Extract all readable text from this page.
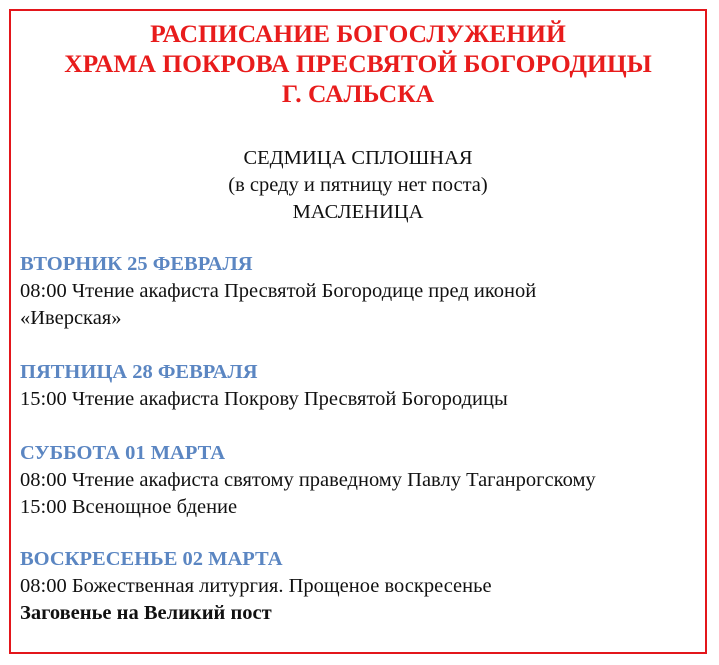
РАСПИСАНИЕ БОГОСЛУЖЕНИЙ
ХРАМА ПОКРОВА ПРЕСВЯТОЙ БОГОРОДИЦЫ
Г. САЛЬСКА
СЕДМИЦА СПЛОШНАЯ
(в среду и пятницу нет поста)
МАСЛЕНИЦА
ВТОРНИК 25 ФЕВРАЛЯ
08:00 Чтение акафиста Пресвятой Богородице пред иконой
«Иверская»
ПЯТНИЦА 28 ФЕВРАЛЯ
15:00 Чтение акафиста Покрову Пресвятой Богородицы
СУББОТА 01 МАРТА
08:00 Чтение акафиста святому праведному Павлу Таганрогскому
15:00 Всенощное бдение
ВОСКРЕСЕНЬЕ 02 МАРТА
08:00 Божественная литургия. Прощеное воскресенье
Заговенье на Великий пост
